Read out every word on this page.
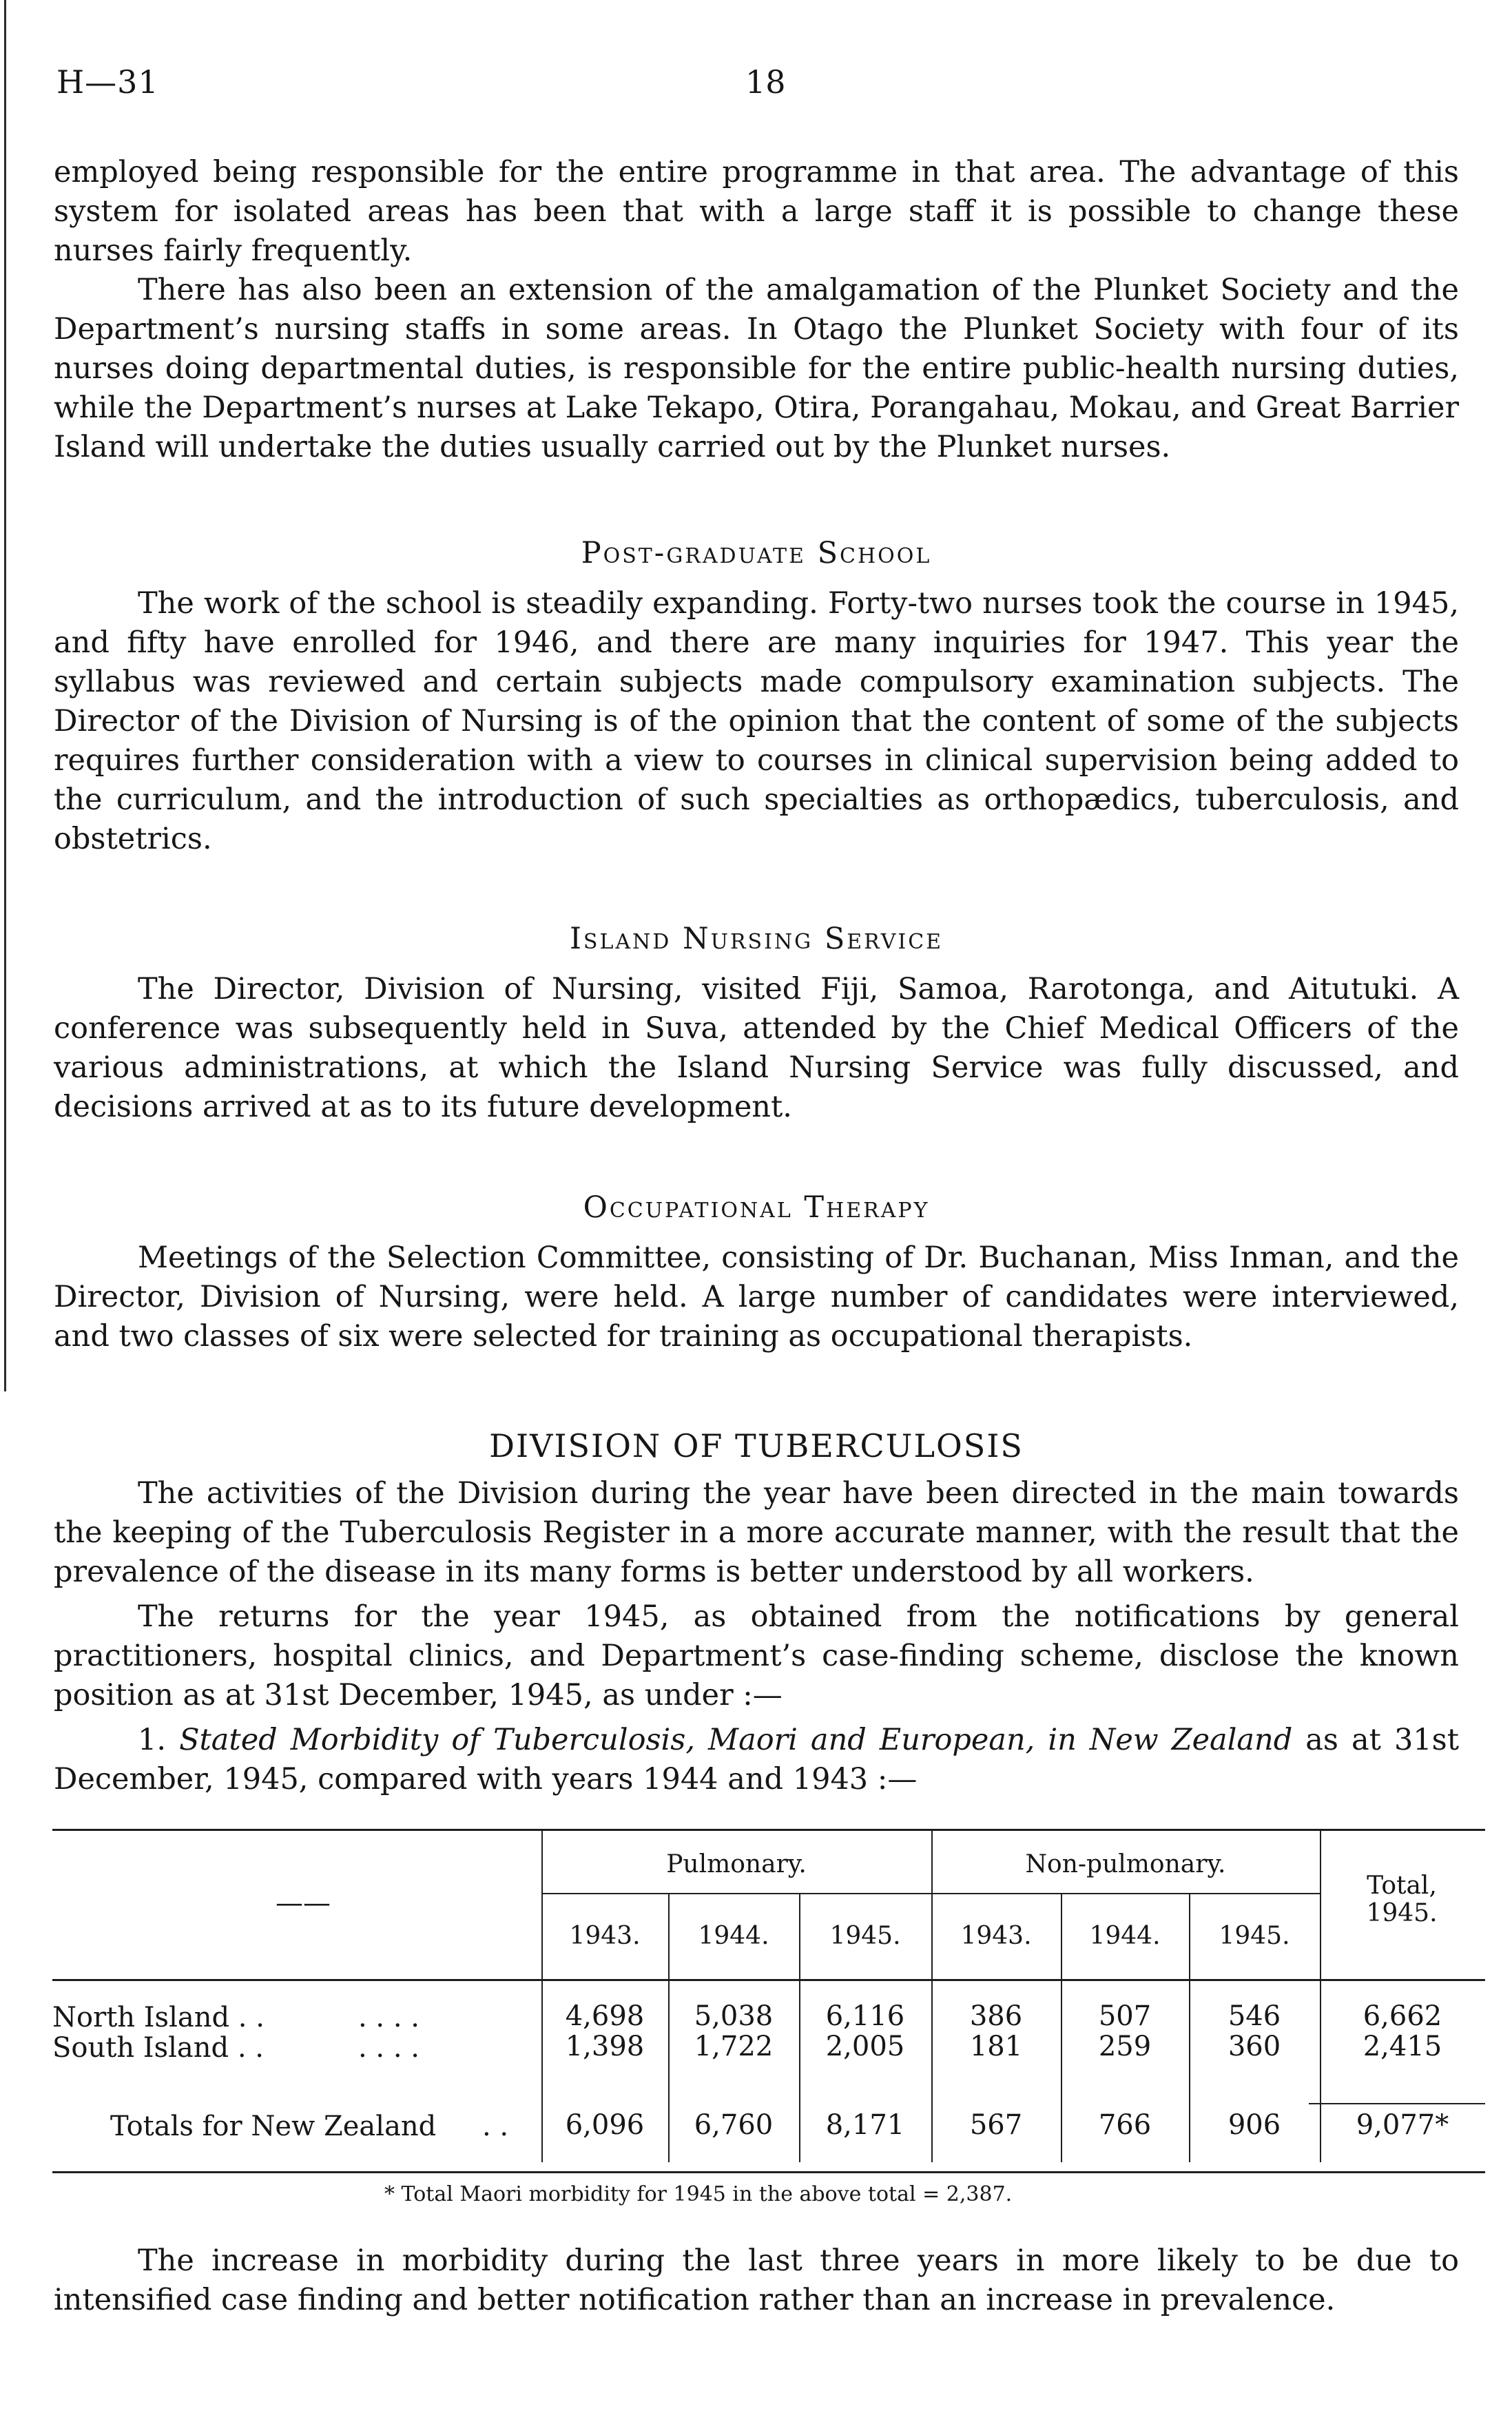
H—31	18

employed being responsible for the entire programme in that area. The advantage of this system for isolated areas has been that with a large staff it is possible to change these nurses fairly frequently.

There has also been an extension of the amalgamation of the Plunket Society and the Department’s nursing staffs in some areas. In Otago the Plunket Society with four of its nurses doing departmental duties, is responsible for the entire public-health nursing duties, while the Department’s nurses at Lake Tekapo, Otira, Porangahau, Mokau, and Great Barrier Island will undertake the duties usually carried out by the Plunket nurses.

Post-graduate School

The work of the school is steadily expanding. Forty-two nurses took the course in 1945, and fifty have enrolled for 1946, and there are many inquiries for 1947. This year the syllabus was reviewed and certain subjects made compulsory examination subjects. The Director of the Division of Nursing is of the opinion that the content of some of the subjects requires further consideration with a view to courses in clinical supervision being added to the curriculum, and the introduction of such specialties as orthopædics, tuberculosis, and obstetrics.

Island Nursing Service

The Director, Division of Nursing, visited Fiji, Samoa, Rarotonga, and Aitutuki. A conference was subsequently held in Suva, attended by the Chief Medical Officers of the various administrations, at which the Island Nursing Service was fully discussed, and decisions arrived at as to its future development.

Occupational Therapy

Meetings of the Selection Committee, consisting of Dr. Buchanan, Miss Inman, and the Director, Division of Nursing, were held. A large number of candidates were interviewed, and two classes of six were selected for training as occupational therapists.

DIVISION OF TUBERCULOSIS

The activities of the Division during the year have been directed in the main towards the keeping of the Tuberculosis Register in a more accurate manner, with the result that the prevalence of the disease in its many forms is better understood by all workers.

The returns for the year 1945, as obtained from the notifications by general practitioners, hospital clinics, and Department’s case-finding scheme, disclose the known position as at 31st December, 1945, as under :—

1. Stated Morbidity of Tuberculosis, Maori and European, in New Zealand as at 31st December, 1945, compared with years 1944 and 1943 :—

——
Pulmonary.	Non-pulmonary.
Total, 1945.
1943.	1944.	1945.	1943.	1944.	1945.
North Island . .	. . . .	4,698	5,038	6,116	386	507	546	6,662
South Island . .	. . . .	1,398	1,722	2,005	181	259	360	2,415
Totals for New Zealand . .	6,096	6,760	8,171	567	766	906	9,077*
* Total Maori morbidity for 1945 in the above total = 2,387.

The increase in morbidity during the last three years in more likely to be due to intensified case finding and better notification rather than an increase in prevalence.
